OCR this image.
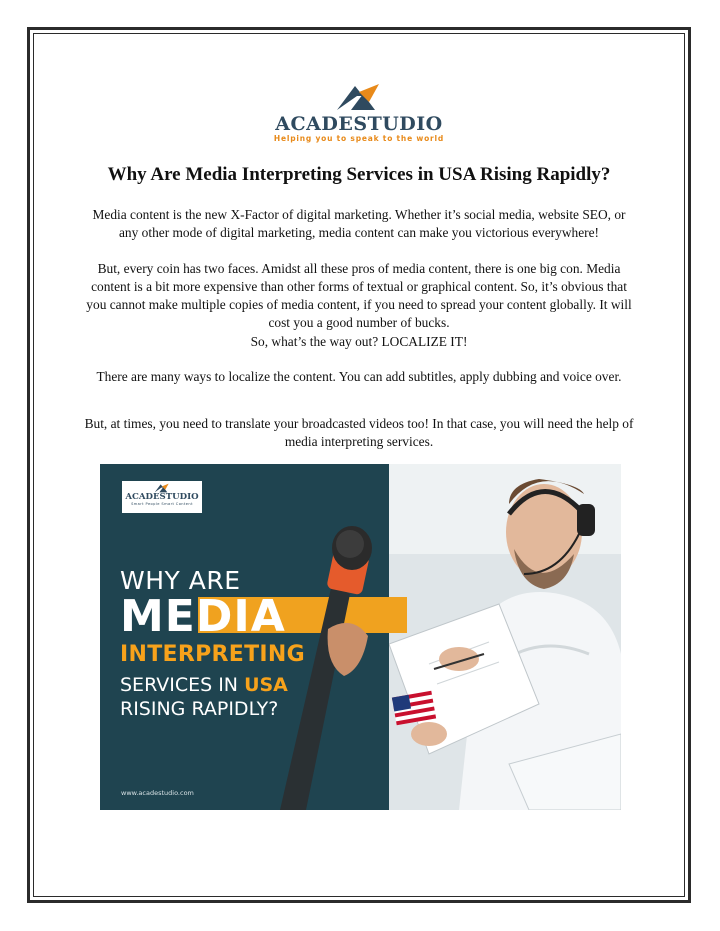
ACADESTUDIO
Helping you to speak to the world
Why Are Media Interpreting Services in USA Rising Rapidly?

Media content is the new X-Factor of digital marketing. Whether it’s social media, website SEO, or any other mode of digital marketing, media content can make you victorious everywhere!

But, every coin has two faces. Amidst all these pros of media content, there is one big con. Media content is a bit more expensive than other forms of textual or graphical content. So, it’s obvious that you cannot make multiple copies of media content, if you need to spread your content globally. It will cost you a good number of bucks.

So, what’s the way out? LOCALIZE IT!

There are many ways to localize the content. You can add subtitles, apply dubbing and voice over.

But, at times, you need to translate your broadcasted videos too! In that case, you will need the help of media interpreting services.

ACADESTUDIO
Smart People Smart Content
WHY ARE
MEDIA
INTERPRETING
SERVICES IN USA
RISING RAPIDLY?
www.acadestudio.com
